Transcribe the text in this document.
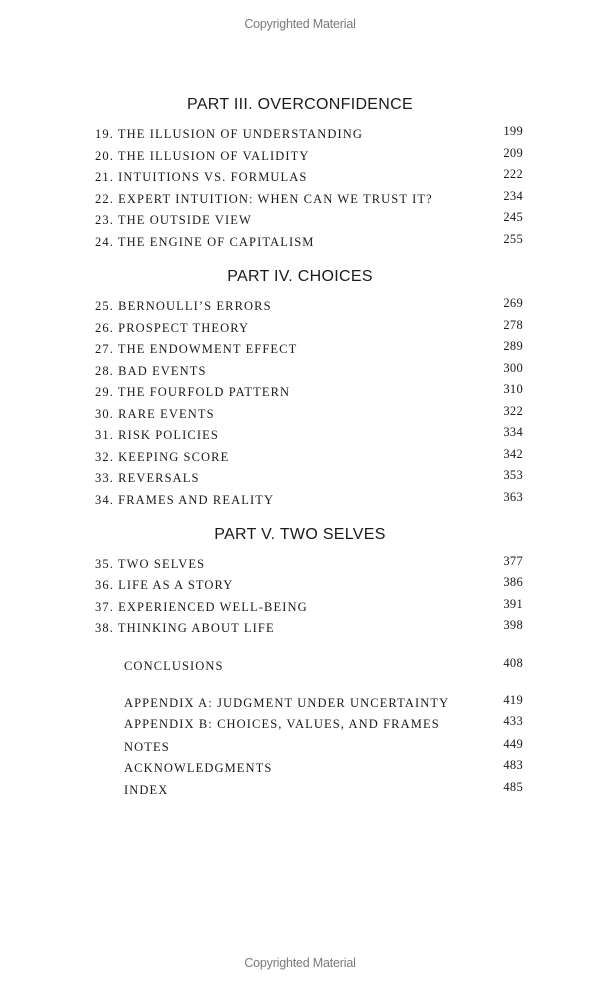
Copyrighted Material
PART III. OVERCONFIDENCE
19. THE ILLUSION OF UNDERSTANDING	199
20. THE ILLUSION OF VALIDITY	209
21. INTUITIONS VS. FORMULAS	222
22. EXPERT INTUITION: WHEN CAN WE TRUST IT?	234
23. THE OUTSIDE VIEW	245
24. THE ENGINE OF CAPITALISM	255
PART IV. CHOICES
25. BERNOULLI’S ERRORS	269
26. PROSPECT THEORY	278
27. THE ENDOWMENT EFFECT	289
28. BAD EVENTS	300
29. THE FOURFOLD PATTERN	310
30. RARE EVENTS	322
31. RISK POLICIES	334
32. KEEPING SCORE	342
33. REVERSALS	353
34. FRAMES AND REALITY	363
PART V. TWO SELVES
35. TWO SELVES	377
36. LIFE AS A STORY	386
37. EXPERIENCED WELL-BEING	391
38. THINKING ABOUT LIFE	398
CONCLUSIONS	408
APPENDIX A: JUDGMENT UNDER UNCERTAINTY	419
APPENDIX B: CHOICES, VALUES, AND FRAMES	433
NOTES	449
ACKNOWLEDGMENTS	483
INDEX	485
Copyrighted Material
